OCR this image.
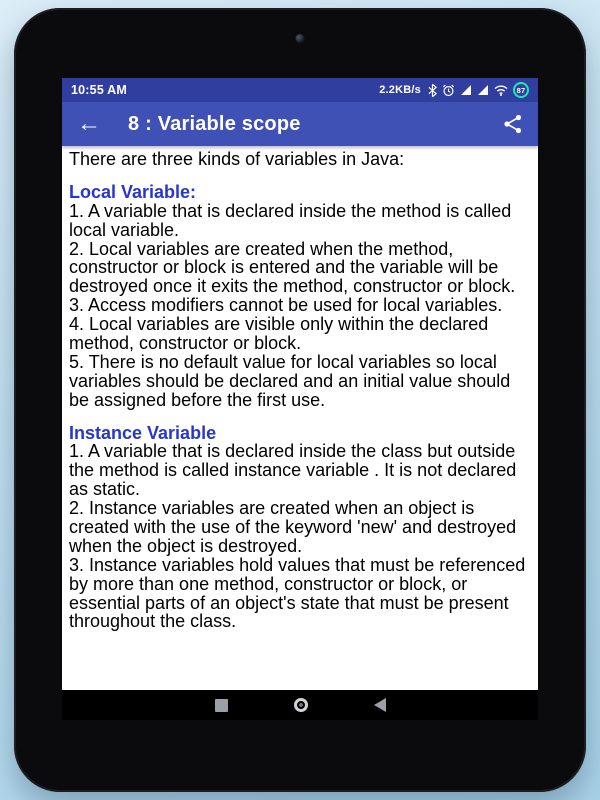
10:55 AM	2.2KB/s	87
← 8 : Variable scope

There are three kinds of variables in Java:

Local Variable:

1. A variable that is declared inside the method is called local variable.

2. Local variables are created when the method, constructor or block is entered and the variable will be destroyed once it exits the method, constructor or block.

3. Access modifiers cannot be used for local variables.

4. Local variables are visible only within the declared method, constructor or block.

5. There is no default value for local variables so local variables should be declared and an initial value should be assigned before the first use.

Instance Variable

1. A variable that is declared inside the class but outside the method is called instance variable . It is not declared as static.

2. Instance variables are created when an object is created with the use of the keyword 'new' and destroyed when the object is destroyed.

3. Instance variables hold values that must be referenced by more than one method, constructor or block, or essential parts of an object's state that must be present throughout the class.
